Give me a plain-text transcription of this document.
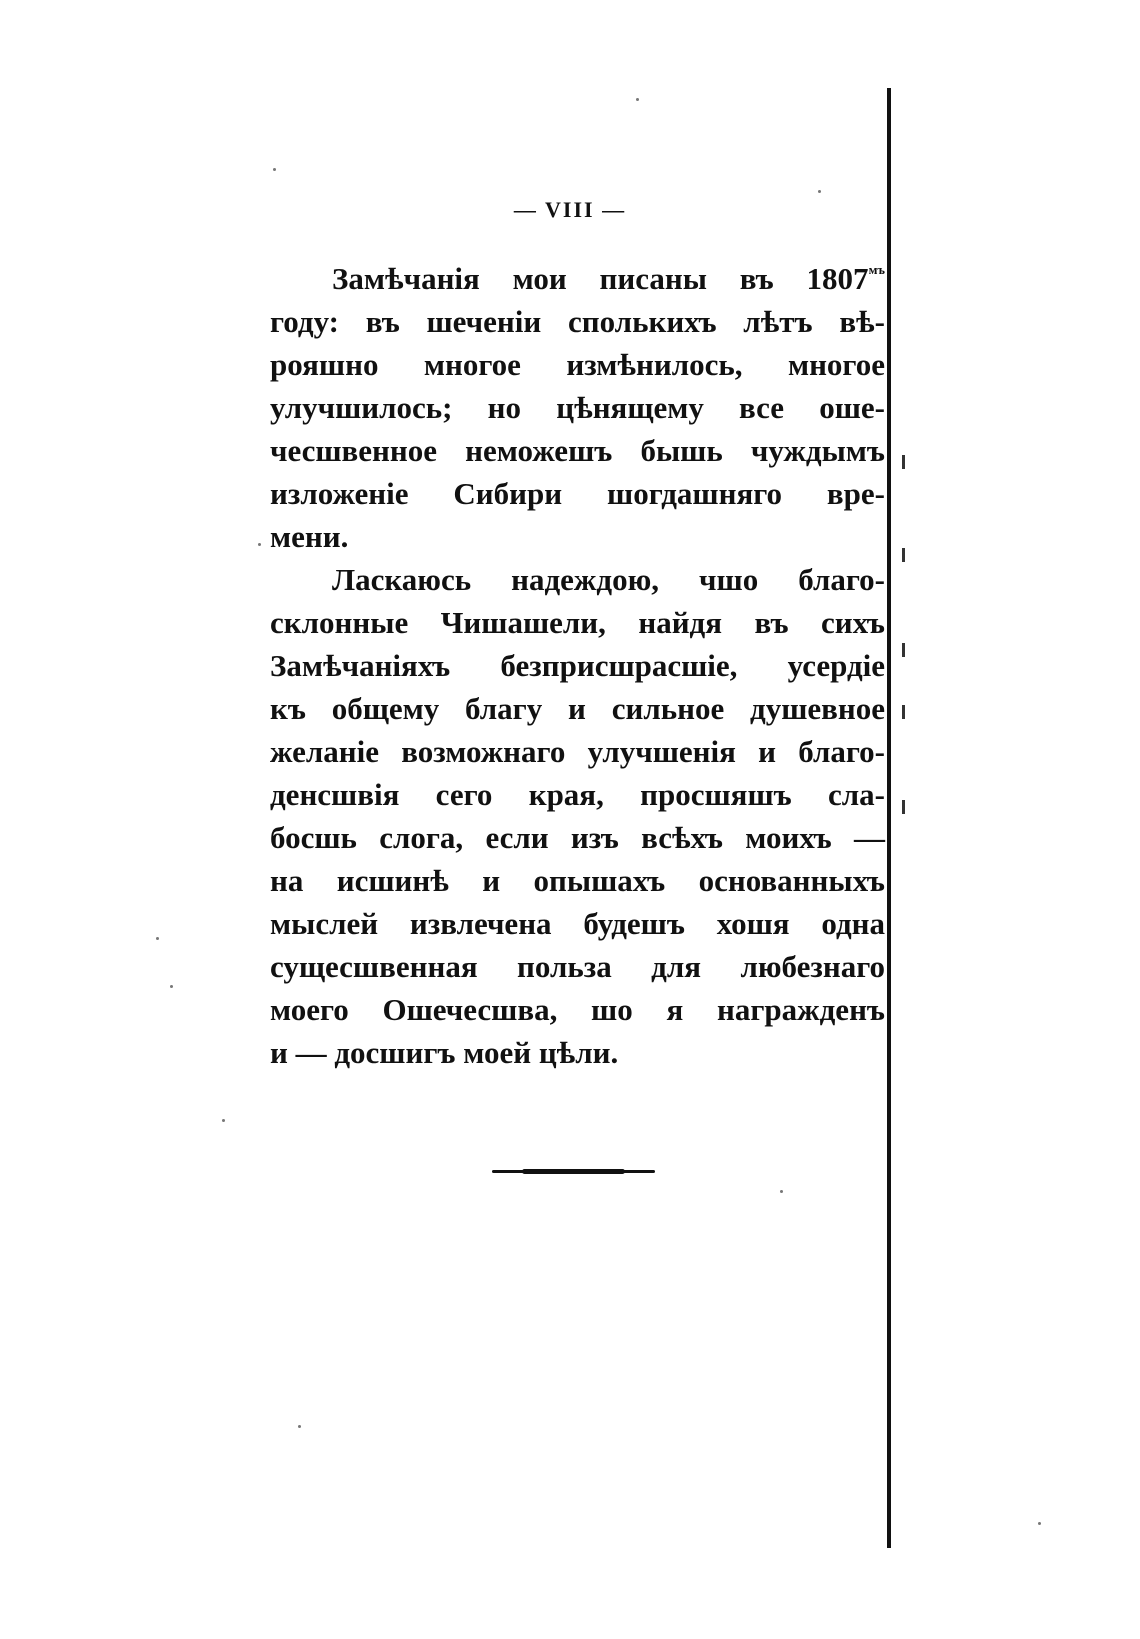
— VIII —
Замѣчанія мои писаны въ $1807^{мъ}$
году: въ шеченіи сполькихъ лѣтъ вѣ-
рояшно многое измѣнилось, многое
улучшилось; но цѣнящему все оше-
чесшвенное неможешъ бышь чуждымъ
изложеніе Сибири шогдашняго вре-
мени.
Ласкаюсь надеждою, чшо благо-
склонные Чишашели, найдя въ сихъ
Замѣчаніяхъ безприсшрасшіе, усердіе
къ общему благу и сильное душевное
желаніе возможнаго улучшенія и благо-
денсшвія сего края, просшяшъ сла-
босшь слога, если изъ всѣхъ моихъ —
на исшинѣ и опышахъ основанныхъ
мыслей извлечена будешъ хошя одна
сущесшвенная польза для любезнаго
моего Ошечесшва, шо я награжденъ
и — досшигъ моей цѣли.
